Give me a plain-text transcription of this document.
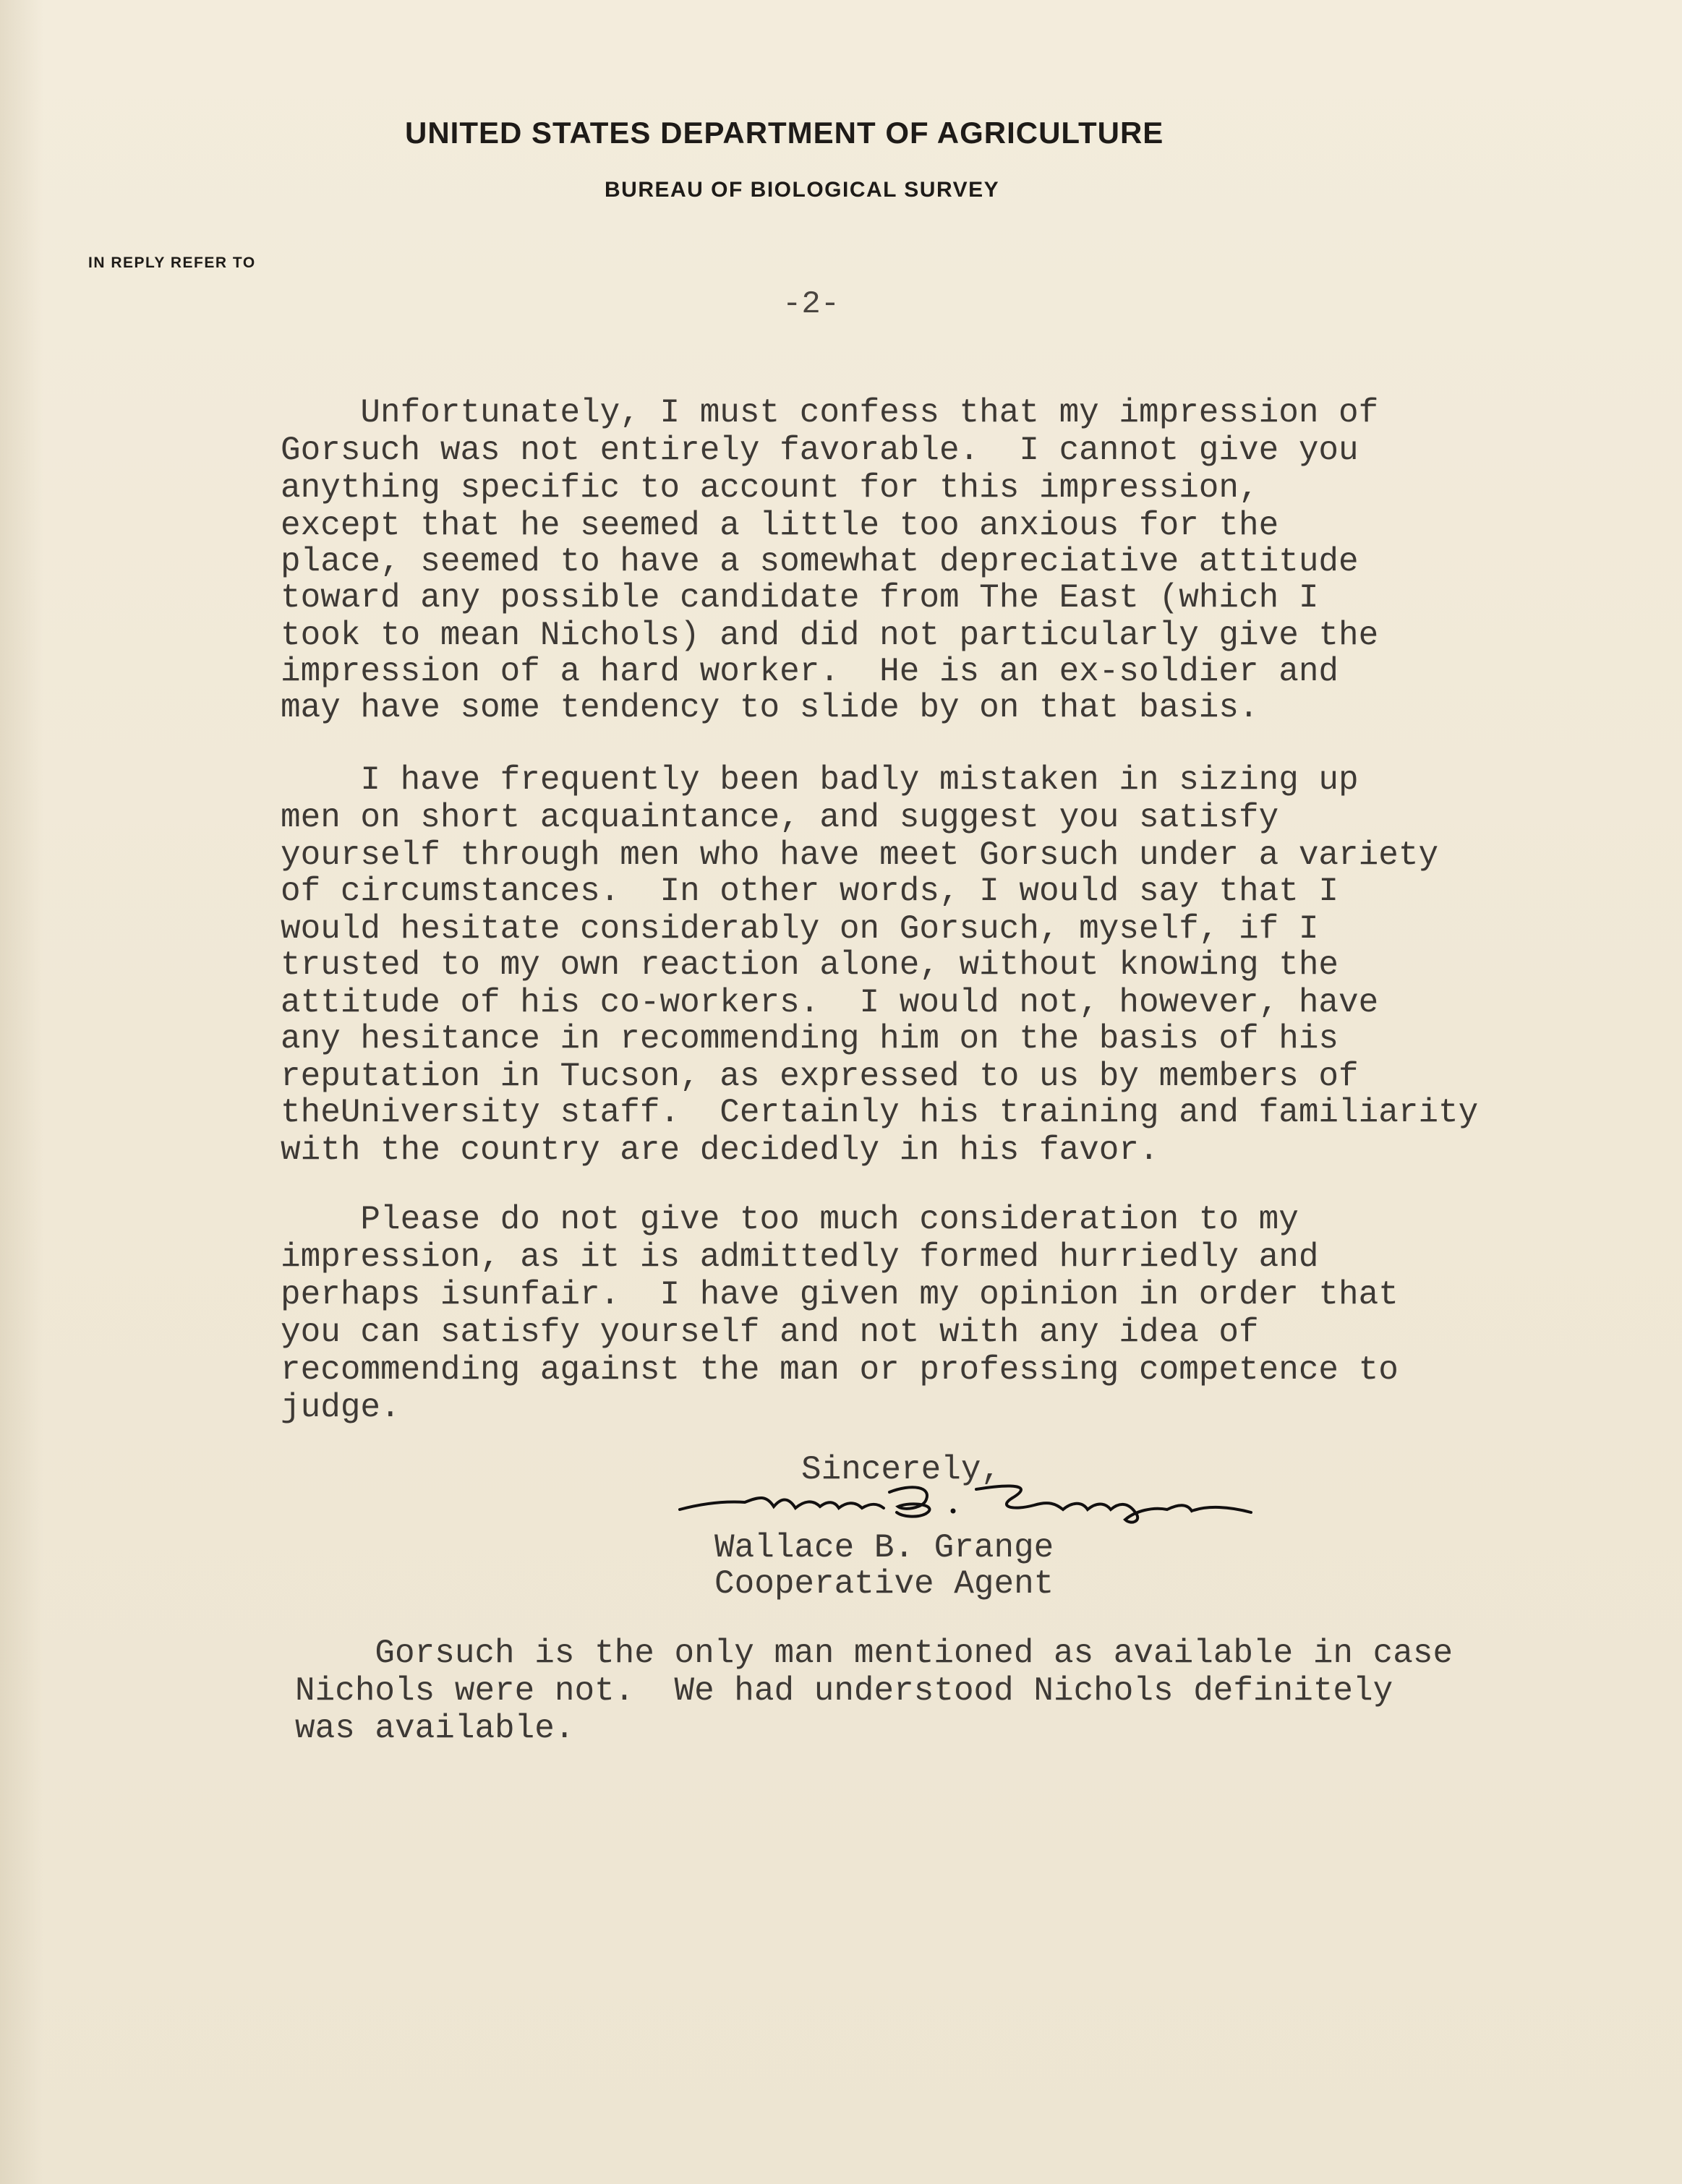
UNITED STATES DEPARTMENT OF AGRICULTURE
BUREAU OF BIOLOGICAL SURVEY
IN REPLY REFER TO
-2-
Unfortunately, I must confess that my impression of
Gorsuch was not entirely favorable.  I cannot give you
anything specific to account for this impression,
except that he seemed a little too anxious for the
place, seemed to have a somewhat depreciative attitude
toward any possible candidate from The East (which I
took to mean Nichols) and did not particularly give the
impression of a hard worker.  He is an ex-soldier and
may have some tendency to slide by on that basis.
I have frequently been badly mistaken in sizing up
men on short acquaintance, and suggest you satisfy
yourself through men who have meet Gorsuch under a variety
of circumstances.  In other words, I would say that I
would hesitate considerably on Gorsuch, myself, if I
trusted to my own reaction alone, without knowing the
attitude of his co-workers.  I would not, however, have
any hesitance in recommending him on the basis of his
reputation in Tucson, as expressed to us by members of
theUniversity staff.  Certainly his training and familiarity
with the country are decidedly in his favor.
Please do not give too much consideration to my
impression, as it is admittedly formed hurriedly and
perhaps isunfair.  I have given my opinion in order that
you can satisfy yourself and not with any idea of
recommending against the man or professing competence to
judge.
Sincerely,
Wallace B. Grange
Cooperative Agent
Gorsuch is the only man mentioned as available in case
Nichols were not.  We had understood Nichols definitely
was available.
